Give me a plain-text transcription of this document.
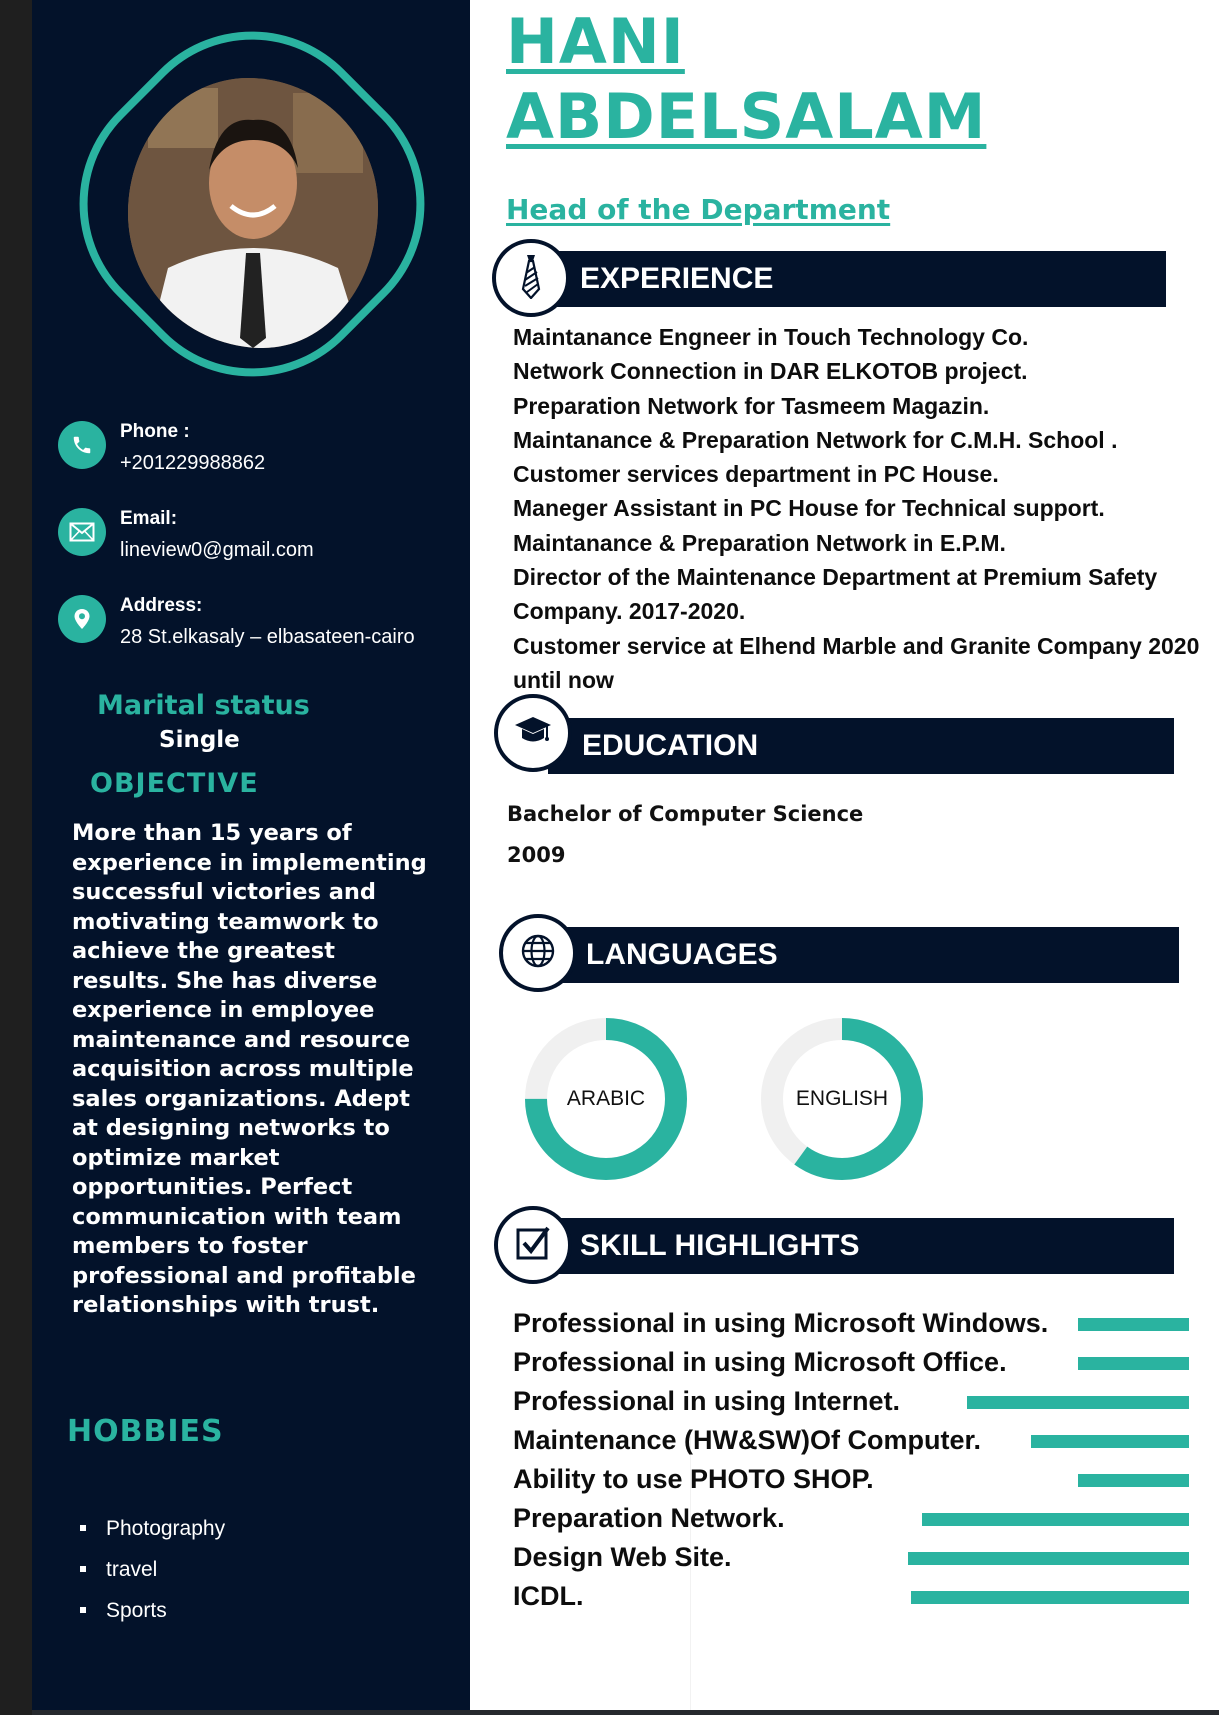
Phone :
+201229988862
Email:
lineview0@gmail.com
Address:
28 St.elkasaly – elbasateen-cairo
Marital status
Single
OBJECTIVE
More than 15 years of experience in implementing successful victories and motivating teamwork to achieve the greatest results. She has diverse experience in employee maintenance and resource acquisition across multiple sales organizations. Adept at designing networks to optimize market opportunities. Perfect communication with team members to foster professional and profitable relationships with trust.
HOBBIES
Photography
travel
Sports
HANI
ABDELSALAM
Head of the Department
EXPERIENCE
Maintanance Engneer in Touch Technology Co.
Network Connection in DAR ELKOTOB project.
Preparation Network for Tasmeem Magazin.
Maintanance & Preparation Network for C.M.H. School .
Customer services department in PC House.
Maneger Assistant in PC House for Technical support.
Maintanance & Preparation Network in E.P.M.
Director of the Maintenance Department at Premium Safety Company. 2017-2020.
Customer service at Elhend Marble and Granite Company 2020 until now
EDUCATION
Bachelor of Computer Science
2009
LANGUAGES
ARABIC	ENGLISH
SKILL HIGHLIGHTS
Professional in using Microsoft Windows.
Professional in using Microsoft Office.
Professional in using Internet.
Maintenance (HW&SW)Of Computer.
Ability to use PHOTO SHOP.
Preparation Network.
Design Web Site.
ICDL.
